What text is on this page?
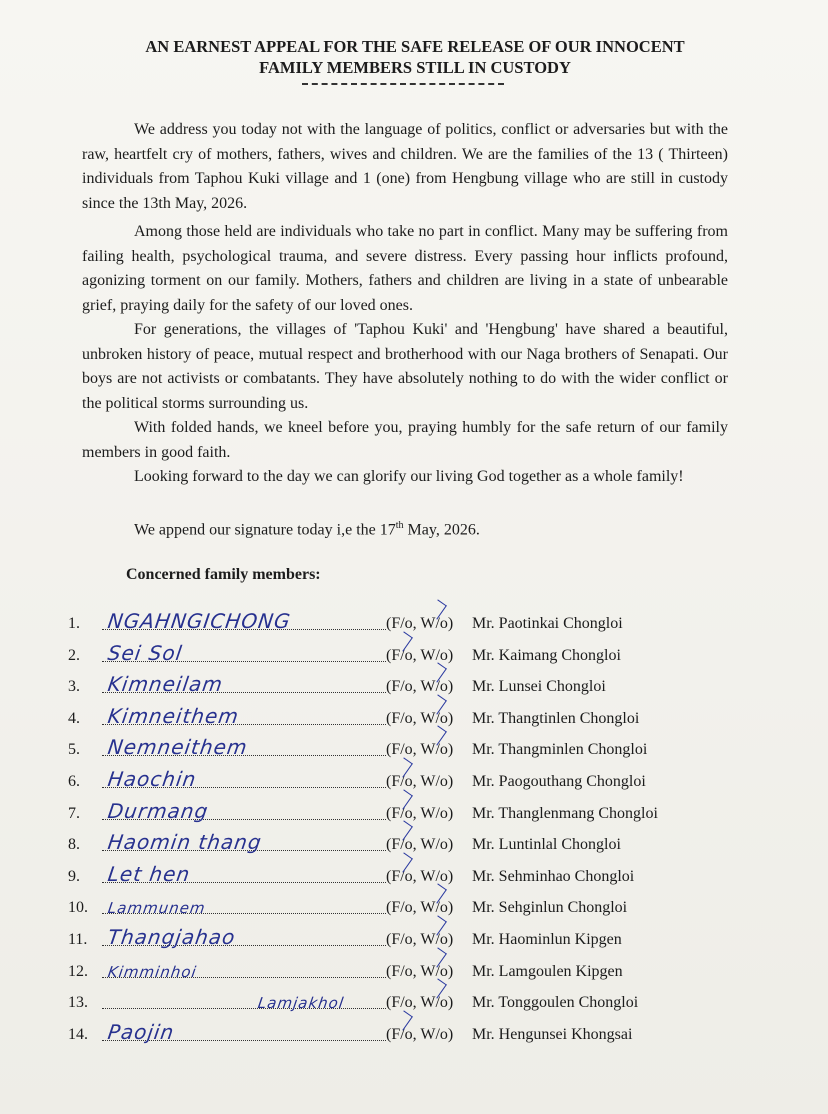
AN EARNEST APPEAL FOR THE SAFE RELEASE OF OUR INNOCENT
FAMILY MEMBERS STILL IN CUSTODY
We address you today not with the language of politics, conflict or adversaries but with the raw, heartfelt cry of mothers, fathers, wives and children. We are the families of the 13 ( Thirteen) individuals from Taphou Kuki village and 1 (one) from Hengbung village who are still in custody since the 13th May, 2026.
Among those held are individuals who take no part in conflict. Many may be suffering from failing health, psychological trauma, and severe distress. Every passing hour inflicts profound, agonizing torment on our family. Mothers, fathers and children are living in a state of unbearable grief, praying daily for the safety of our loved ones.
For generations, the villages of 'Taphou Kuki' and 'Hengbung' have shared a beautiful, unbroken history of peace, mutual respect and brotherhood with our Naga brothers of Senapati. Our boys are not activists or combatants. They have absolutely nothing to do with the wider conflict or the political storms surrounding us.
With folded hands, we kneel before you, praying humbly for the safe return of our family members in good faith.
Looking forward to the day we can glorify our living God together as a whole family!
We append our signature today i,e the 17th May, 2026.
Concerned family members:
1.	NGAHNGICHONG	(F/o, W/o) Mr. Paotinkai Chongloi
2.	Sei Sol	(F/o, W/o) Mr. Kaimang Chongloi
3.	Kimneilam	(F/o, W/o) Mr. Lunsei Chongloi
4.	Kimneithem	(F/o, W/o) Mr. Thangtinlen Chongloi
5.	Nemneithem	(F/o, W/o) Mr. Thangminlen Chongloi
6.	Haochin	(F/o, W/o) Mr. Paogouthang Chongloi
7.	Durmang	(F/o, W/o) Mr. Thanglenmang Chongloi
8.	Haomin thang	(F/o, W/o) Mr. Luntinlal Chongloi
9.	Let hen	(F/o, W/o) Mr. Sehminhao Chongloi
10.	Lammunem	(F/o, W/o) Mr. Sehginlun Chongloi
11. Thangjahao	(F/o, W/o) Mr. Haominlun Kipgen
12.	Kimminhoi	(F/o, W/o) Mr. Lamgoulen Kipgen
13.	Lamjakhol	(F/o, W/o) Mr. Tonggoulen Chongloi
14. Paojin	(F/o, W/o) Mr. Hengunsei Khongsai
